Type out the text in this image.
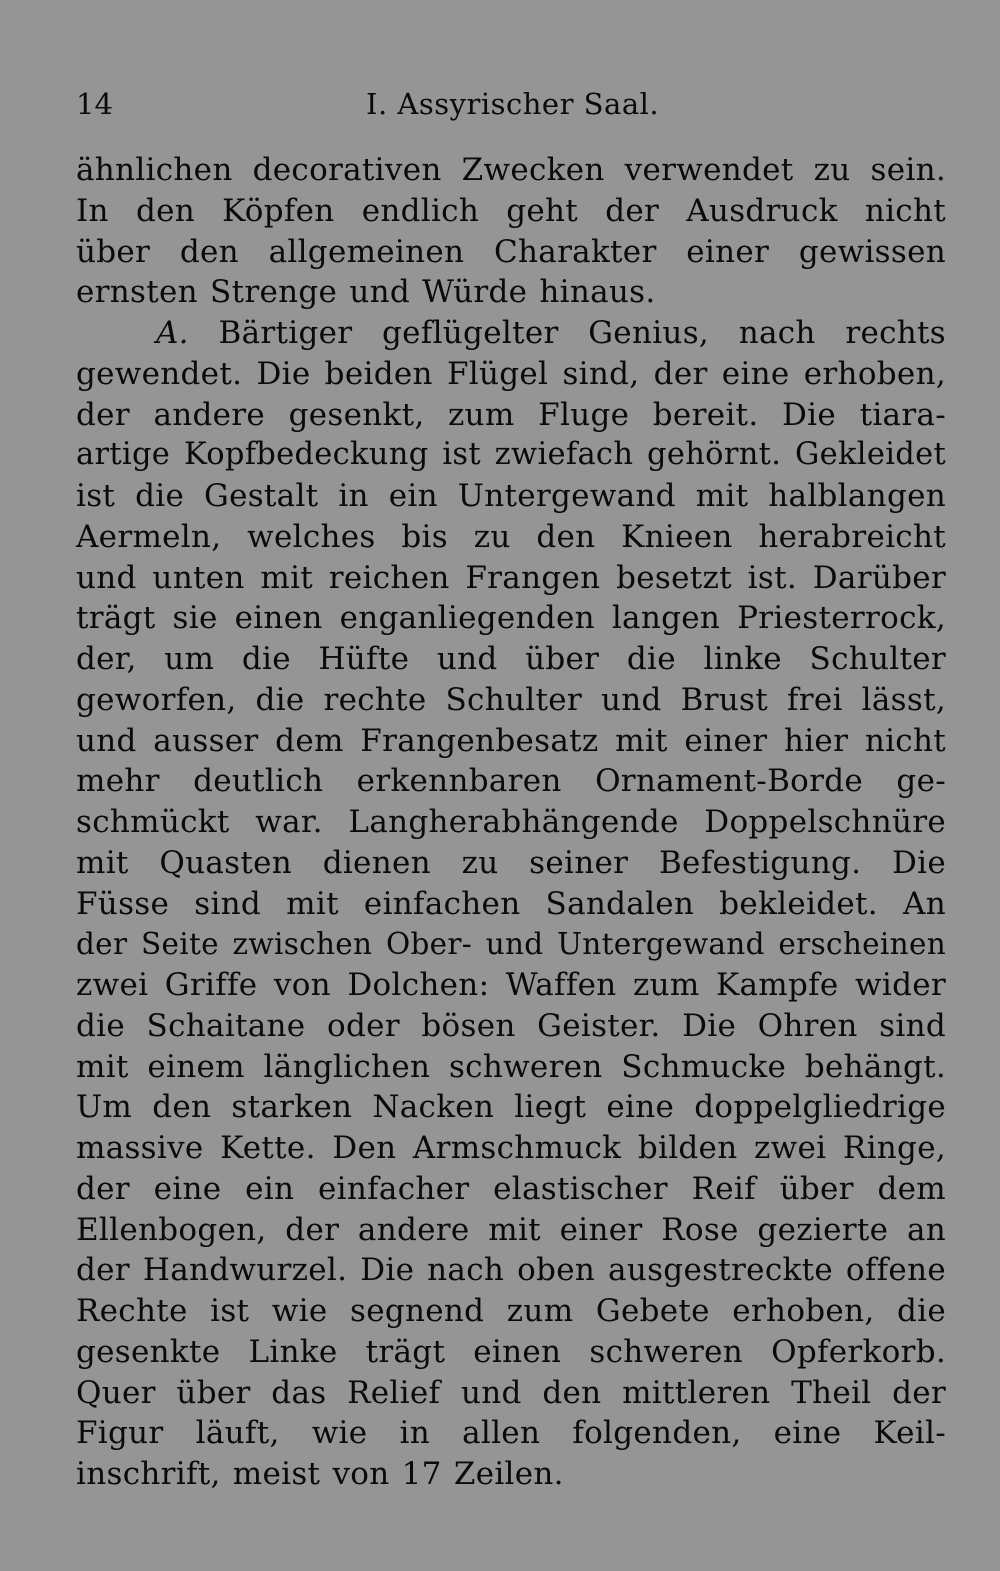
14	I. Assyrischer Saal.
ähnlichen decorativen Zwecken verwendet zu sein.
In den Köpfen endlich geht der Ausdruck nicht
über den allgemeinen Charakter einer gewissen
ernsten Strenge und Würde hinaus.
A. Bärtiger geflügelter Genius, nach rechts
gewendet. Die beiden Flügel sind, der eine erhoben,
der andere gesenkt, zum Fluge bereit. Die tiara-
artige Kopfbedeckung ist zwiefach gehörnt. Gekleidet
ist die Gestalt in ein Untergewand mit halblangen
Aermeln, welches bis zu den Knieen herabreicht
und unten mit reichen Frangen besetzt ist. Darüber
trägt sie einen enganliegenden langen Priesterrock,
der, um die Hüfte und über die linke Schulter
geworfen, die rechte Schulter und Brust frei lässt,
und ausser dem Frangenbesatz mit einer hier nicht
mehr deutlich erkennbaren Ornament-Borde ge-
schmückt war. Langherabhängende Doppelschnüre
mit Quasten dienen zu seiner Befestigung. Die
Füsse sind mit einfachen Sandalen bekleidet. An
der Seite zwischen Ober- und Untergewand erscheinen
zwei Griffe von Dolchen: Waffen zum Kampfe wider
die Schaitane oder bösen Geister. Die Ohren sind
mit einem länglichen schweren Schmucke behängt.
Um den starken Nacken liegt eine doppelgliedrige
massive Kette. Den Armschmuck bilden zwei Ringe,
der eine ein einfacher elastischer Reif über dem
Ellenbogen, der andere mit einer Rose gezierte an
der Handwurzel. Die nach oben ausgestreckte offene
Rechte ist wie segnend zum Gebete erhoben, die
gesenkte Linke trägt einen schweren Opferkorb.
Quer über das Relief und den mittleren Theil der
Figur läuft, wie in allen folgenden, eine Keil-
inschrift, meist von 17 Zeilen.
